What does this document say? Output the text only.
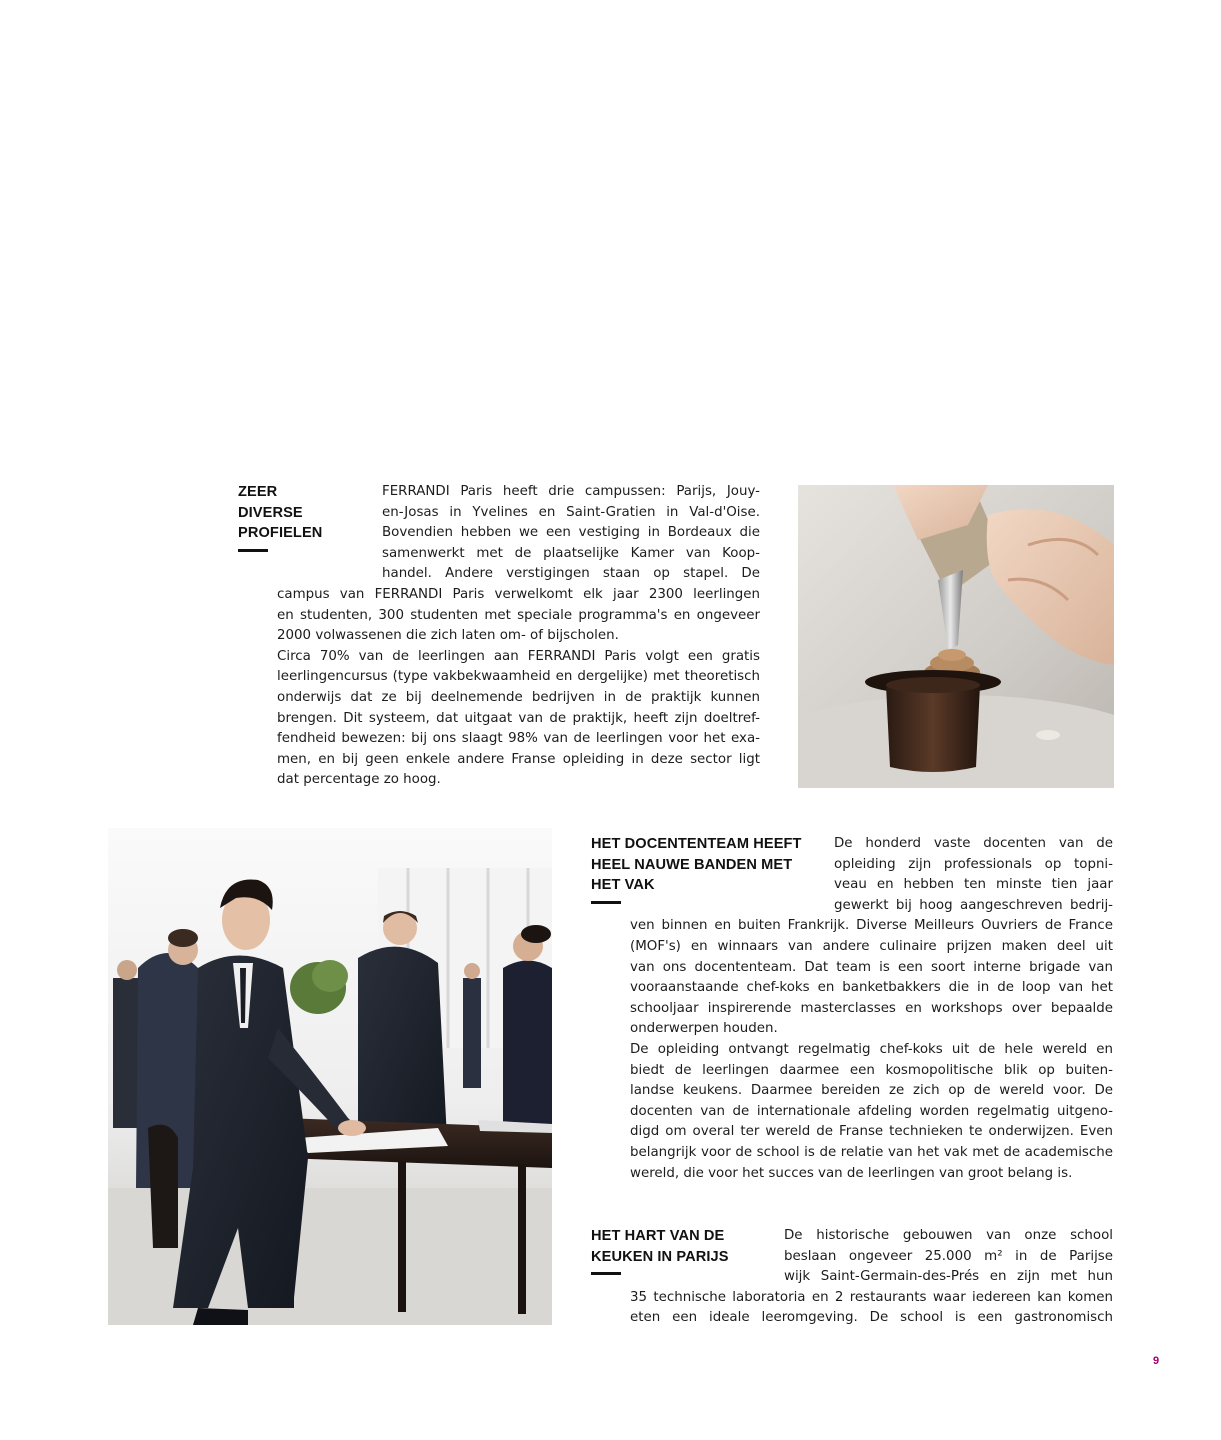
ZEER
DIVERSE
PROFIELEN
FERRANDI Paris heeft drie campussen: Parijs, Jouy-
en-Josas in Yvelines en Saint-Gratien in Val-d'Oise.
Bovendien hebben we een vestiging in Bordeaux die
samenwerkt met de plaatselijke Kamer van Koop-
handel. Andere verstigingen staan op stapel. De
campus van FERRANDI Paris verwelkomt elk jaar 2300 leerlingen
en studenten, 300 studenten met speciale programma's en ongeveer
2000 volwassenen die zich laten om- of bijscholen.
Circa 70% van de leerlingen aan FERRANDI Paris volgt een gratis
leerlingencursus (type vakbekwaamheid en dergelijke) met theoretisch
onderwijs dat ze bij deelnemende bedrijven in de praktijk kunnen
brengen. Dit systeem, dat uitgaat van de praktijk, heeft zijn doeltref-
fendheid bewezen: bij ons slaagt 98% van de leerlingen voor het exa-
men, en bij geen enkele andere Franse opleiding in deze sector ligt
dat percentage zo hoog.
HET DOCENTENTEAM HEEFT
HEEL NAUWE BANDEN MET
HET VAK
De honderd vaste docenten van de
opleiding zijn professionals op topni-
veau en hebben ten minste tien jaar
gewerkt bij hoog aangeschreven bedrij-
ven binnen en buiten Frankrijk. Diverse Meilleurs Ouvriers de France
(MOF's) en winnaars van andere culinaire prijzen maken deel uit
van ons docententeam. Dat team is een soort interne brigade van
vooraanstaande chef-koks en banketbakkers die in de loop van het
schooljaar inspirerende masterclasses en workshops over bepaalde
onderwerpen houden.
De opleiding ontvangt regelmatig chef-koks uit de hele wereld en
biedt de leerlingen daarmee een kosmopolitische blik op buiten-
landse keukens. Daarmee bereiden ze zich op de wereld voor. De
docenten van de internationale afdeling worden regelmatig uitgeno-
digd om overal ter wereld de Franse technieken te onderwijzen. Even
belangrijk voor de school is de relatie van het vak met de academische
wereld, die voor het succes van de leerlingen van groot belang is.
HET HART VAN DE
KEUKEN IN PARIJS
De historische gebouwen van onze school
beslaan ongeveer 25.000 m² in de Parijse
wijk Saint-Germain-des-Prés en zijn met hun
35 technische laboratoria en 2 restaurants waar iedereen kan komen
eten een ideale leeromgeving. De school is een gastronomisch
9
